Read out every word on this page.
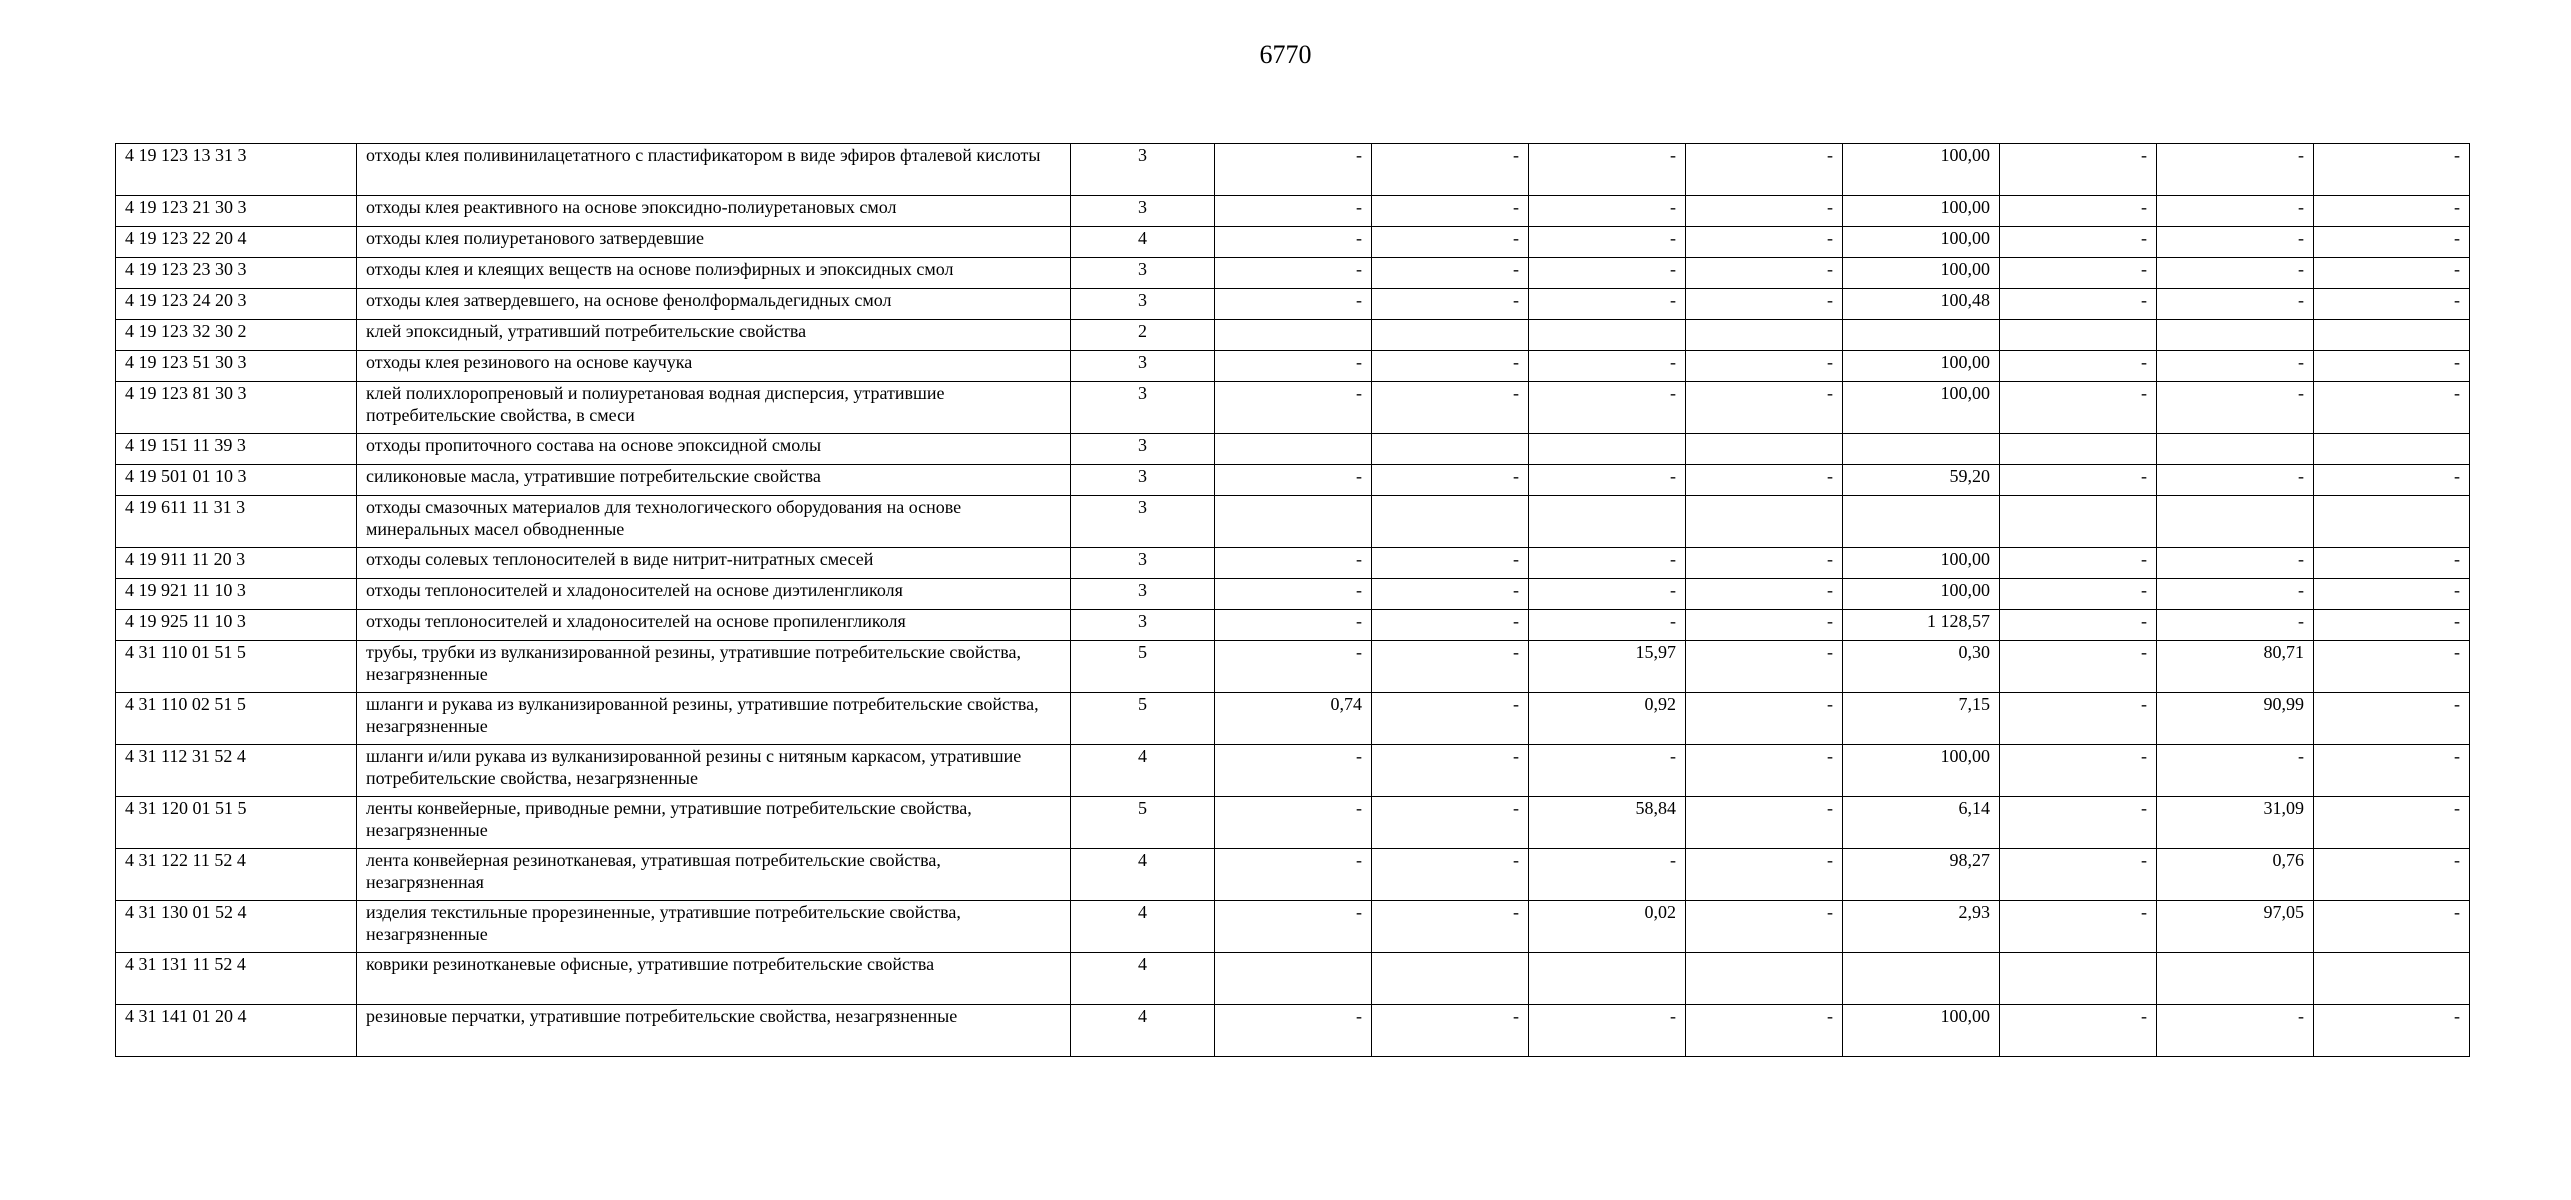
6770
4 19 123 13 31 3	отходы клея поливинилацетатного с пластификатором в виде эфиров фталевой кислоты	3	-	-	-	-	100,00	-	-	-
4 19 123 21 30 3	отходы клея реактивного на основе эпоксидно-полиуретановых смол	3	-	-	-	-	100,00	-	-	-
4 19 123 22 20 4	отходы клея полиуретанового затвердевшие	4	-	-	-	-	100,00	-	-	-
4 19 123 23 30 3	отходы клея и клеящих веществ на основе полиэфирных и эпоксидных смол	3	-	-	-	-	100,00	-	-	-
4 19 123 24 20 3	отходы клея затвердевшего, на основе фенолформальдегидных смол	3	-	-	-	-	100,48	-	-	-
4 19 123 32 30 2	клей эпоксидный, утративший потребительские свойства	2								
4 19 123 51 30 3	отходы клея резинового на основе каучука	3	-	-	-	-	100,00	-	-	-
4 19 123 81 30 3	клей полихлоропреновый и полиуретановая водная дисперсия, утратившие потребительские свойства, в смеси	3	-	-	-	-	100,00	-	-	-
4 19 151 11 39 3	отходы пропиточного состава на основе эпоксидной смолы	3								
4 19 501 01 10 3	силиконовые масла, утратившие потребительские свойства	3	-	-	-	-	59,20	-	-	-
4 19 611 11 31 3	отходы смазочных материалов для технологического оборудования на основе минеральных масел обводненные	3								
4 19 911 11 20 3	отходы солевых теплоносителей в виде нитрит-нитратных смесей	3	-	-	-	-	100,00	-	-	-
4 19 921 11 10 3	отходы теплоносителей и хладоносителей на основе диэтиленгликоля	3	-	-	-	-	100,00	-	-	-
4 19 925 11 10 3	отходы теплоносителей и хладоносителей на основе пропиленгликоля	3	-	-	-	-	1 128,57	-	-	-
4 31 110 01 51 5	трубы, трубки из вулканизированной резины, утратившие потребительские свойства, незагрязненные	5	-	-	15,97	-	0,30	-	80,71	-
4 31 110 02 51 5	шланги и рукава из вулканизированной резины, утратившие потребительские свойства, незагрязненные	5	0,74	-	0,92	-	7,15	-	90,99	-
4 31 112 31 52 4	шланги и/или рукава из вулканизированной резины с нитяным каркасом, утратившие потребительские свойства, незагрязненные	4	-	-	-	-	100,00	-	-	-
4 31 120 01 51 5	ленты конвейерные, приводные ремни, утратившие потребительские свойства, незагрязненные	5	-	-	58,84	-	6,14	-	31,09	-
4 31 122 11 52 4	лента конвейерная резинотканевая, утратившая потребительские свойства, незагрязненная	4	-	-	-	-	98,27	-	0,76	-
4 31 130 01 52 4	изделия текстильные прорезиненные, утратившие потребительские свойства, незагрязненные	4	-	-	0,02	-	2,93	-	97,05	-
4 31 131 11 52 4	коврики резинотканевые офисные, утратившие потребительские свойства	4								
4 31 141 01 20 4	резиновые перчатки, утратившие потребительские свойства, незагрязненные	4	-	-	-	-	100,00	-	-	-
